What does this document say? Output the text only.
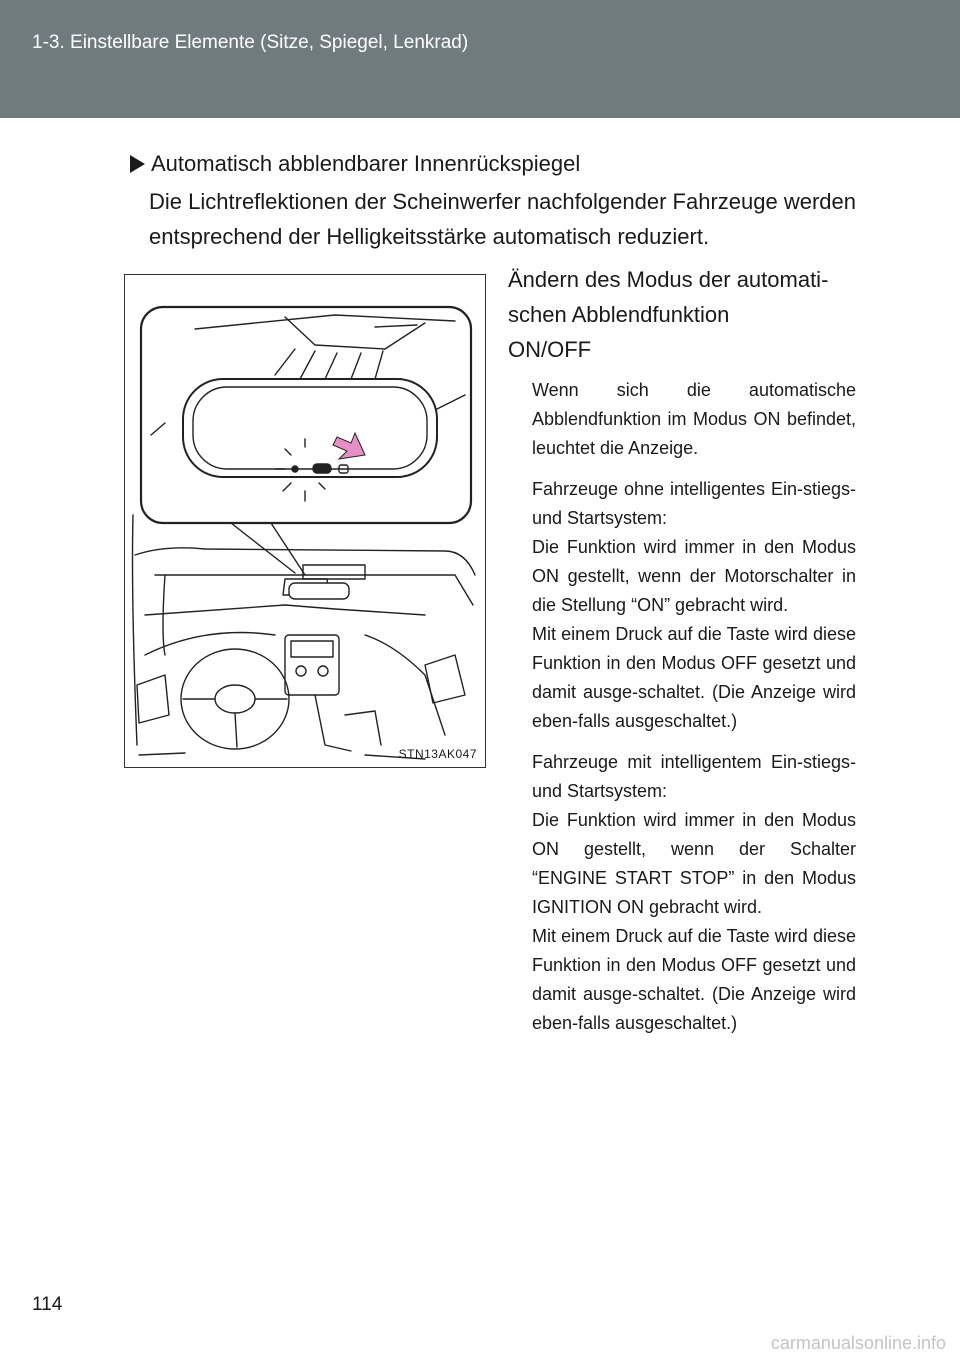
1-3. Einstellbare Elemente (Sitze, Spiegel, Lenkrad)
Automatisch abblendbarer Innenrückspiegel
Die Lichtreflektionen der Scheinwerfer nachfolgender Fahrzeuge werden entsprechend der Helligkeitsstärke automatisch reduziert.
STN13AK047
Ändern des Modus der automati-
schen Abblendfunktion
ON/OFF

Wenn sich die automatische Abblendfunktion im Modus ON befindet, leuchtet die Anzeige.

Fahrzeuge ohne intelligentes Ein-stiegs- und Startsystem:

Die Funktion wird immer in den Modus ON gestellt, wenn der Motorschalter in die Stellung “ON” gebracht wird.

Mit einem Druck auf die Taste wird diese Funktion in den Modus OFF gesetzt und damit ausge-schaltet. (Die Anzeige wird eben-falls ausgeschaltet.)

Fahrzeuge mit intelligentem Ein-stiegs- und Startsystem:

Die Funktion wird immer in den Modus ON gestellt, wenn der Schalter “ENGINE START STOP” in den Modus IGNITION ON gebracht wird.

Mit einem Druck auf die Taste wird diese Funktion in den Modus OFF gesetzt und damit ausge-schaltet. (Die Anzeige wird eben-falls ausgeschaltet.)

114
carmanualsonline.info
